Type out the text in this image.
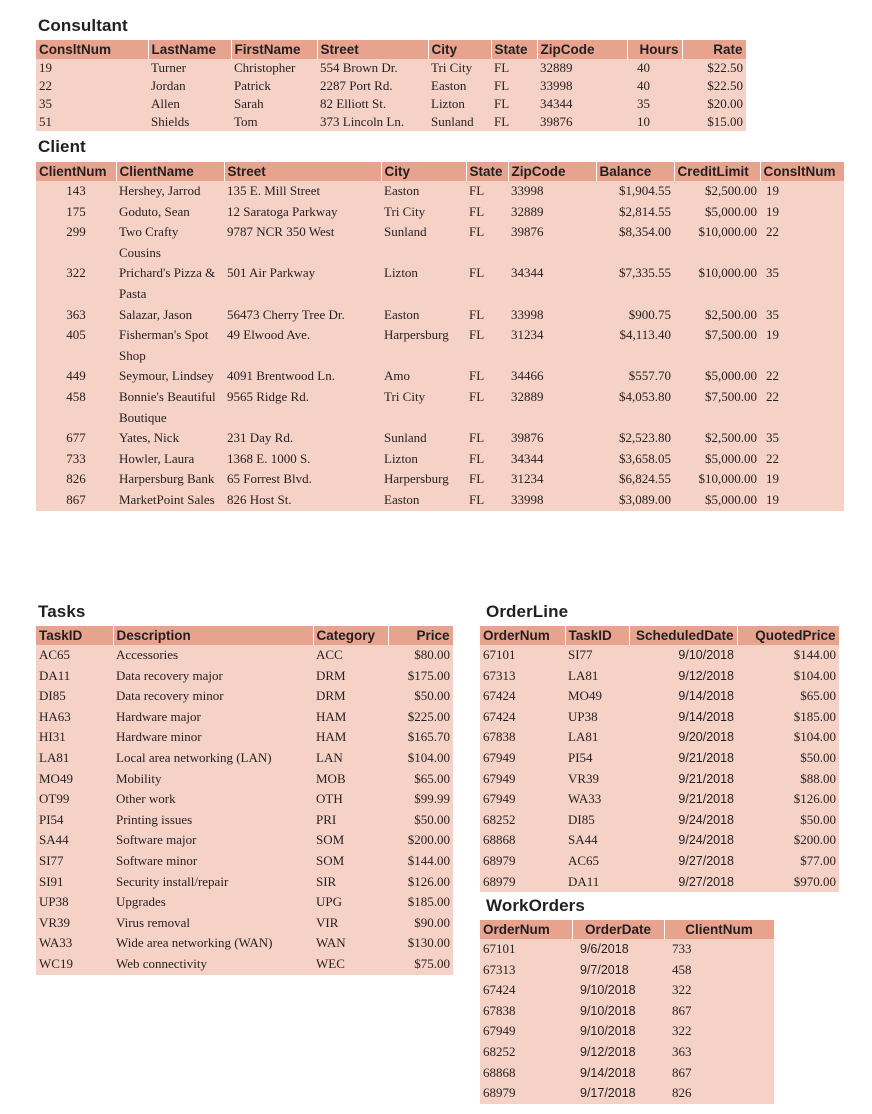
Consultant
ConsltNum	LastName	FirstName	Street	City	State	ZipCode	Hours	Rate
19	Turner	Christopher	554 Brown Dr.	Tri City	FL	32889	40	$22.50
22	Jordan	Patrick	2287 Port Rd.	Easton	FL	33998	40	$22.50
35	Allen	Sarah	82 Elliott St.	Lizton	FL	34344	35	$20.00
51	Shields	Tom	373 Lincoln Ln.	Sunland	FL	39876	10	$15.00
Client
ClientNum	ClientName	Street	City	State	ZipCode	Balance	CreditLimit	ConsltNum
143	Hershey, Jarrod	135 E. Mill Street	Easton	FL	33998	$1,904.55	$2,500.00	19
175	Goduto, Sean	12 Saratoga Parkway	Tri City	FL	32889	$2,814.55	$5,000.00	19
299	Two Crafty Cousins	9787 NCR 350 West	Sunland	FL	39876	$8,354.00	$10,000.00	22
322	Prichard's Pizza & Pasta	501 Air Parkway	Lizton	FL	34344	$7,335.55	$10,000.00	35
363	Salazar, Jason	56473 Cherry Tree Dr.	Easton	FL	33998	$900.75	$2,500.00	35
405	Fisherman's Spot Shop	49 Elwood Ave.	Harpersburg	FL	31234	$4,113.40	$7,500.00	19
449	Seymour, Lindsey	4091 Brentwood Ln.	Amo	FL	34466	$557.70	$5,000.00	22
458	Bonnie's Beautiful Boutique	9565 Ridge Rd.	Tri City	FL	32889	$4,053.80	$7,500.00	22
677	Yates, Nick	231 Day Rd.	Sunland	FL	39876	$2,523.80	$2,500.00	35
733	Howler, Laura	1368 E. 1000 S.	Lizton	FL	34344	$3,658.05	$5,000.00	22
826	Harpersburg Bank	65 Forrest Blvd.	Harpersburg	FL	31234	$6,824.55	$10,000.00	19
867	MarketPoint Sales	826 Host St.	Easton	FL	33998	$3,089.00	$5,000.00	19
Tasks
TaskID	Description	Category	Price
AC65	Accessories	ACC	$80.00
DA11	Data recovery major	DRM	$175.00
DI85	Data recovery minor	DRM	$50.00
HA63	Hardware major	HAM	$225.00
HI31	Hardware minor	HAM	$165.70
LA81	Local area networking (LAN)	LAN	$104.00
MO49	Mobility	MOB	$65.00
OT99	Other work	OTH	$99.99
PI54	Printing issues	PRI	$50.00
SA44	Software major	SOM	$200.00
SI77	Software minor	SOM	$144.00
SI91	Security install/repair	SIR	$126.00
UP38	Upgrades	UPG	$185.00
VR39	Virus removal	VIR	$90.00
WA33	Wide area networking (WAN)	WAN	$130.00
WC19	Web connectivity	WEC	$75.00
OrderLine
OrderNum	TaskID	ScheduledDate	QuotedPrice
67101	SI77	9/10/2018	$144.00
67313	LA81	9/12/2018	$104.00
67424	MO49	9/14/2018	$65.00
67424	UP38	9/14/2018	$185.00
67838	LA81	9/20/2018	$104.00
67949	PI54	9/21/2018	$50.00
67949	VR39	9/21/2018	$88.00
67949	WA33	9/21/2018	$126.00
68252	DI85	9/24/2018	$50.00
68868	SA44	9/24/2018	$200.00
68979	AC65	9/27/2018	$77.00
68979	DA11	9/27/2018	$970.00
WorkOrders
OrderNum	OrderDate	ClientNum
67101	9/6/2018	733
67313	9/7/2018	458
67424	9/10/2018	322
67838	9/10/2018	867
67949	9/10/2018	322
68252	9/12/2018	363
68868	9/14/2018	867
68979	9/17/2018	826
